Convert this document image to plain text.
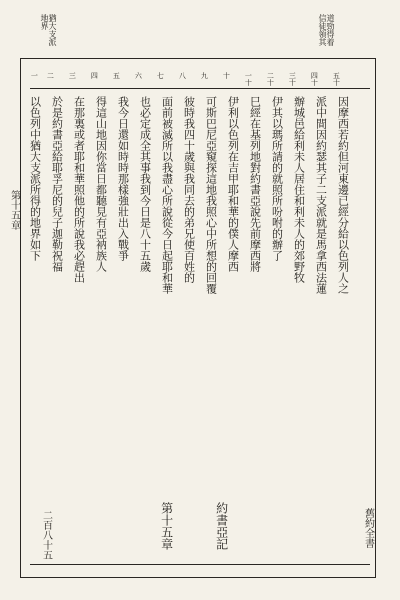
道勁得着
信徒領其
猶大支派
地界
五十
四十
三十
二十
一十
十
九
八
七
六
五
四
三
二
一
因摩西若約但河東邊已經分給以色列人之
派中間因約瑟其子二支派就是馬拿西法蓮
辦城邑給利未人居住和利未人的郊野牧
伊其以瑪所請的就照所吩咐的辦了
巳經在基列地對約書亞說先前摩西將
伊利以色列在吉甲耶和華的僕人摩西
可斯巴尼亞窺探這地我照心中所想的回覆
彼時我四十歲與我同去的弟兄使百姓的
面前被滅所以我盡心所說從今日起耶和華
也必定成全其事我到今日是八十五歲
我今日還如時時那樣強壯出入戰爭
得這山地因你當日都聽見有亞衲族人
在那裏或者耶和華照他的所說我必趕出
於是約書亞給耶孚尼的兒子迦勒祝福
以色列中猶大支派所得的地界如下
第十五章
舊約全書
約書亞記
第十五章
二百八十五
